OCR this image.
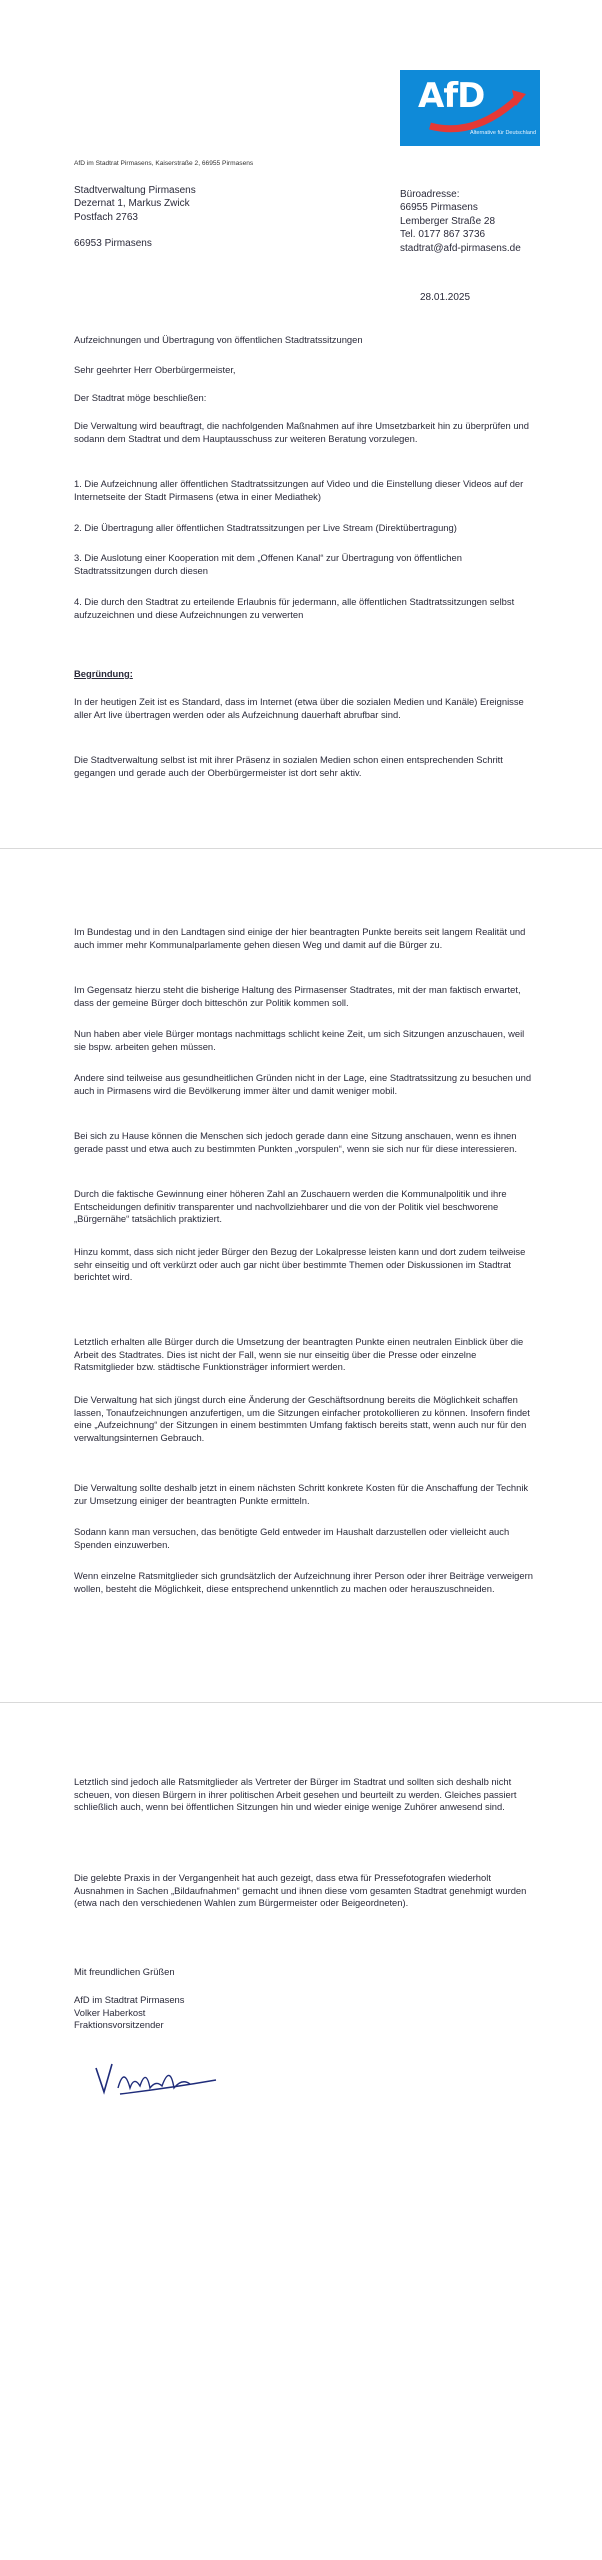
AfD
Alternative für Deutschland
AfD im Stadtrat Pirmasens, Kaiserstraße 2, 66955 Pirmasens
Stadtverwaltung Pirmasens
Dezernat 1, Markus Zwick
Postfach 2763
66953 Pirmasens
Büroadresse:
66955 Pirmasens
Lemberger Straße 28
Tel. 0177 867 3736
stadtrat@afd-pirmasens.de
28.01.2025

Aufzeichnungen und Übertragung von öffentlichen Stadtratssitzungen

Sehr geehrter Herr Oberbürgermeister,

Der Stadtrat möge beschließen:

Die Verwaltung wird beauftragt, die nachfolgenden Maßnahmen auf ihre Umsetzbarkeit hin zu überprüfen und sodann dem Stadtrat und dem Hauptausschuss zur weiteren Beratung vorzulegen.

1. Die Aufzeichnung aller öffentlichen Stadtratssitzungen auf Video und die Einstellung dieser Videos auf der Internetseite der Stadt Pirmasens (etwa in einer Mediathek)

2. Die Übertragung aller öffentlichen Stadtratssitzungen per Live Stream (Direktübertragung)

3. Die Auslotung einer Kooperation mit dem „Offenen Kanal“ zur Übertragung von öffentlichen Stadtratssitzungen durch diesen

4. Die durch den Stadtrat zu erteilende Erlaubnis für jedermann, alle öffentlichen Stadtratssitzungen selbst aufzuzeichnen und diese Aufzeichnungen zu verwerten

Begründung:

In der heutigen Zeit ist es Standard, dass im Internet (etwa über die sozialen Medien und Kanäle) Ereignisse aller Art live übertragen werden oder als Aufzeichnung dauerhaft abrufbar sind.

Die Stadtverwaltung selbst ist mit ihrer Präsenz in sozialen Medien schon einen entsprechenden Schritt gegangen und gerade auch der Oberbürgermeister ist dort sehr aktiv.

Im Bundestag und in den Landtagen sind einige der hier beantragten Punkte bereits seit langem Realität und auch immer mehr Kommunalparlamente gehen diesen Weg und damit auf die Bürger zu.

Im Gegensatz hierzu steht die bisherige Haltung des Pirmasenser Stadtrates, mit der man faktisch erwartet, dass der gemeine Bürger doch bitteschön zur Politik kommen soll.

Nun haben aber viele Bürger montags nachmittags schlicht keine Zeit, um sich Sitzungen anzuschauen, weil sie bspw. arbeiten gehen müssen.

Andere sind teilweise aus gesundheitlichen Gründen nicht in der Lage, eine Stadtratssitzung zu besuchen und auch in Pirmasens wird die Bevölkerung immer älter und damit weniger mobil.

Bei sich zu Hause können die Menschen sich jedoch gerade dann eine Sitzung anschauen, wenn es ihnen gerade passt und etwa auch zu bestimmten Punkten „vorspulen“, wenn sie sich nur für diese interessieren.

Durch die faktische Gewinnung einer höheren Zahl an Zuschauern werden die Kommunalpolitik und ihre Entscheidungen definitiv transparenter und nachvollziehbarer und die von der Politik viel beschworene „Bürgernähe“ tatsächlich praktiziert.

Hinzu kommt, dass sich nicht jeder Bürger den Bezug der Lokalpresse leisten kann und dort zudem teilweise sehr einseitig und oft verkürzt oder auch gar nicht über bestimmte Themen oder Diskussionen im Stadtrat berichtet wird.

Letztlich erhalten alle Bürger durch die Umsetzung der beantragten Punkte einen neutralen Einblick über die Arbeit des Stadtrates. Dies ist nicht der Fall, wenn sie nur einseitig über die Presse oder einzelne Ratsmitglieder bzw. städtische Funktionsträger informiert werden.

Die Verwaltung hat sich jüngst durch eine Änderung der Geschäftsordnung bereits die Möglichkeit schaffen lassen, Tonaufzeichnungen anzufertigen, um die Sitzungen einfacher protokollieren zu können. Insofern findet eine „Aufzeichnung“ der Sitzungen in einem bestimmten Umfang faktisch bereits statt, wenn auch nur für den verwaltungsinternen Gebrauch.

Die Verwaltung sollte deshalb jetzt in einem nächsten Schritt konkrete Kosten für die Anschaffung der Technik zur Umsetzung einiger der beantragten Punkte ermitteln.

Sodann kann man versuchen, das benötigte Geld entweder im Haushalt darzustellen oder vielleicht auch Spenden einzuwerben.

Wenn einzelne Ratsmitglieder sich grundsätzlich der Aufzeichnung ihrer Person oder ihrer Beiträge verweigern wollen, besteht die Möglichkeit, diese entsprechend unkenntlich zu machen oder herauszuschneiden.

Letztlich sind jedoch alle Ratsmitglieder als Vertreter der Bürger im Stadtrat und sollten sich deshalb nicht scheuen, von diesen Bürgern in ihrer politischen Arbeit gesehen und beurteilt zu werden. Gleiches passiert schließlich auch, wenn bei öffentlichen Sitzungen hin und wieder einige wenige Zuhörer anwesend sind.

Die gelebte Praxis in der Vergangenheit hat auch gezeigt, dass etwa für Pressefotografen wiederholt Ausnahmen in Sachen „Bildaufnahmen“ gemacht und ihnen diese vom gesamten Stadtrat genehmigt wurden (etwa nach den verschiedenen Wahlen zum Bürgermeister oder Beigeordneten).

Mit freundlichen Grüßen

AfD im Stadtrat Pirmasens
Volker Haberkost
Fraktionsvorsitzender
